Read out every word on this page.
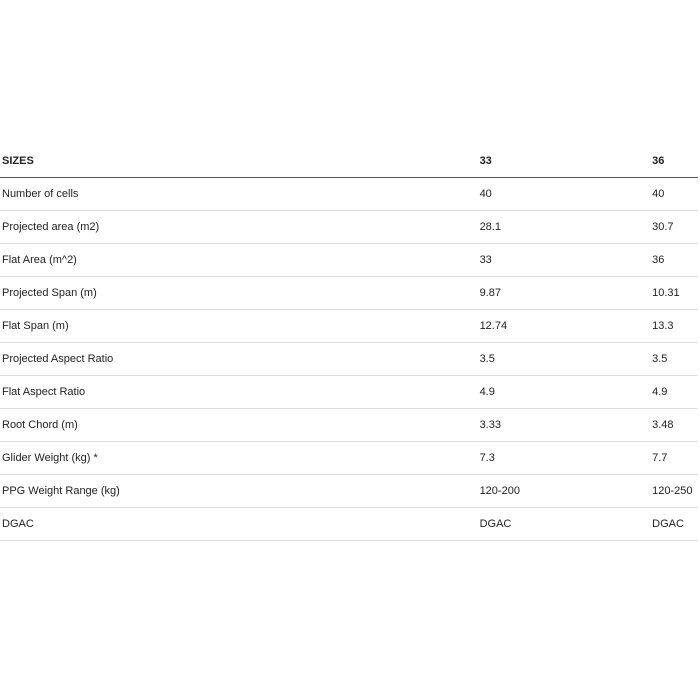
SIZES	33	36
Number of cells	40	40
Projected area (m2)	28.1	30.7
Flat Area (m^2)	33	36
Projected Span (m)	9.87	10.31
Flat Span (m)	12.74	13.3
Projected Aspect Ratio	3.5	3.5
Flat Aspect Ratio	4.9	4.9
Root Chord (m)	3.33	3.48
Glider Weight (kg) *	7.3	7.7
PPG Weight Range (kg)	120-200	120-250
DGAC	DGAC	DGAC
